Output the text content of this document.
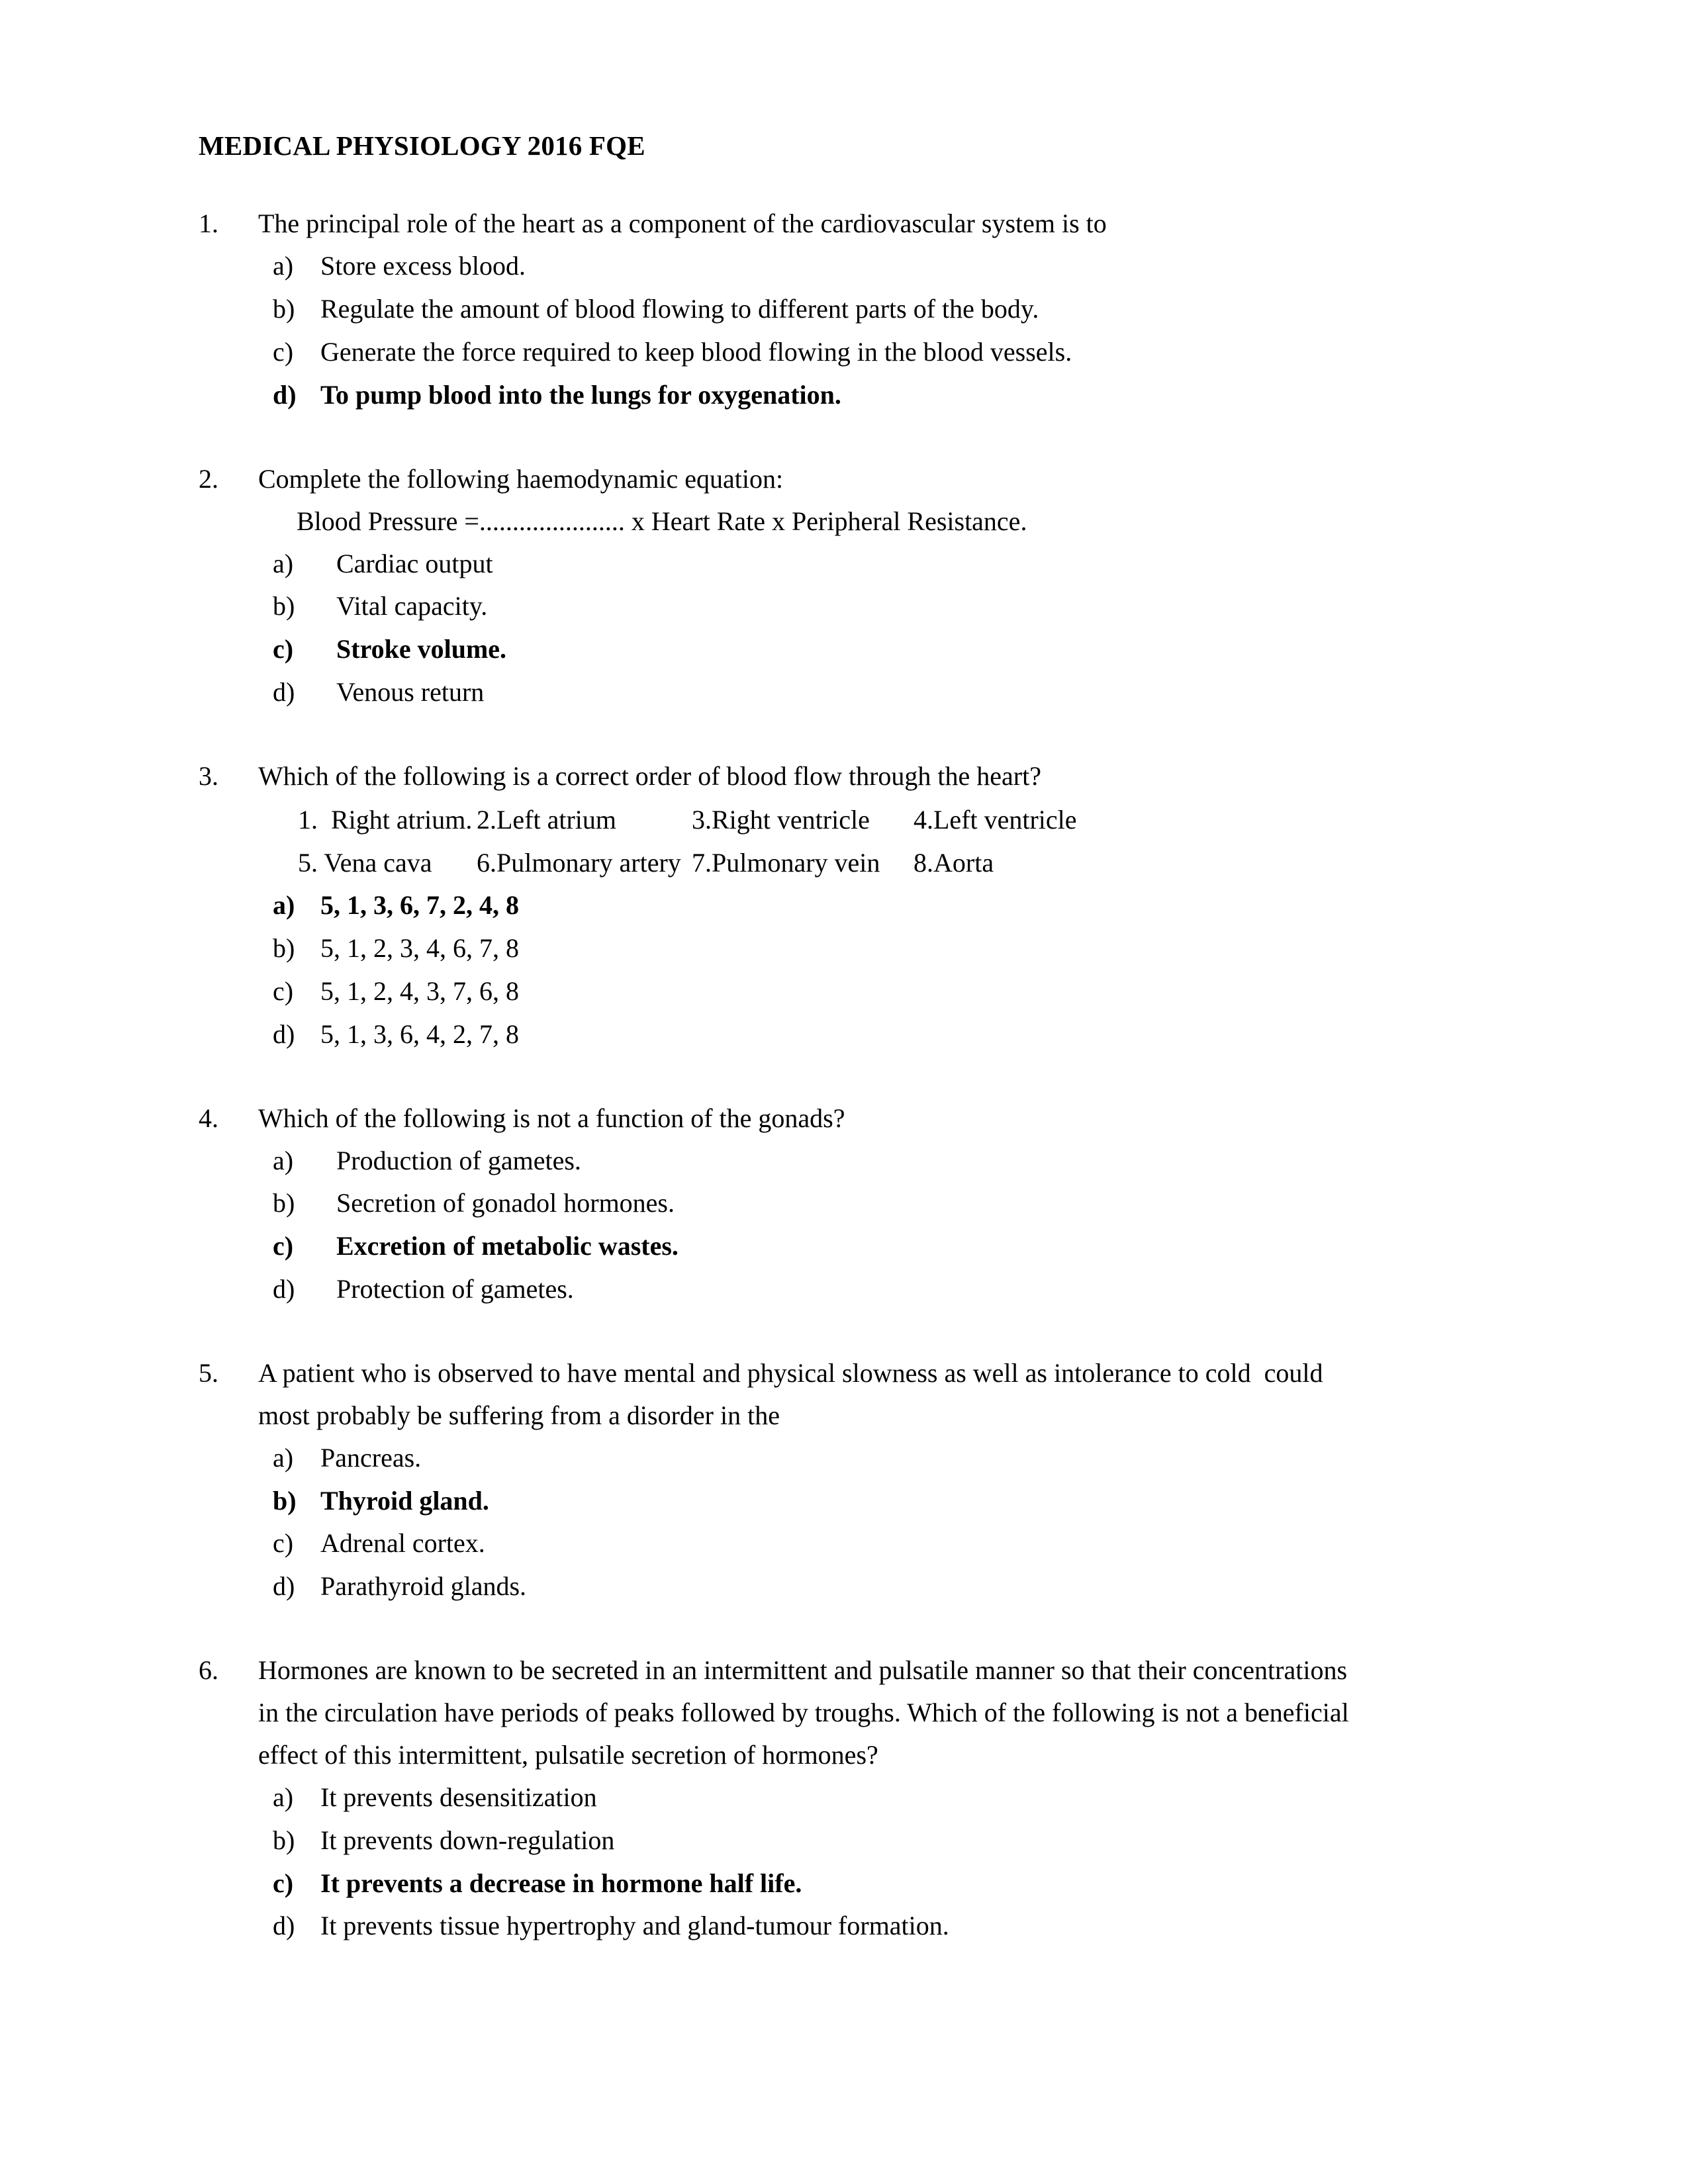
MEDICAL PHYSIOLOGY 2016 FQE
1.	The principal role of the heart as a component of the cardiovascular system is to
a)	Store excess blood.
b) Regulate the amount of blood flowing to different parts of the body.
c)	Generate the force required to keep blood flowing in the blood vessels.
d) To pump blood into the lungs for oxygenation.
2.	Complete the following haemodynamic equation:
Blood Pressure =...................... x Heart Rate x Peripheral Resistance.
a)	Cardiac output
b)	Vital capacity.
c)	Stroke volume.
d)	Venous return
3.	Which of the following is a correct order of blood flow through the heart?
1.  Right atrium. 2.Left atrium	3.Right ventricle	4.Left ventricle
5. Vena cava	6.Pulmonary artery 7.Pulmonary vein	8.Aorta
a) 5, 1, 3, 6, 7, 2, 4, 8
b) 5, 1, 2, 3, 4, 6, 7, 8
c)	5, 1, 2, 4, 3, 7, 6, 8
d) 5, 1, 3, 6, 4, 2, 7, 8
4.	Which of the following is not a function of the gonads?
a)	Production of gametes.
b)	Secretion of gonadol hormones.
c)	Excretion of metabolic wastes.
d)	Protection of gametes.
5.	A patient who is observed to have mental and physical slowness as well as intolerance to cold  could most probably be suffering from a disorder in the
a)	Pancreas.
b) Thyroid gland.
c)	Adrenal cortex.
d) Parathyroid glands.
6.	Hormones are known to be secreted in an intermittent and pulsatile manner so that their concentrations in the circulation have periods of peaks followed by troughs. Which of the following is not a beneficial effect of this intermittent, pulsatile secretion of hormones?
a)	It prevents desensitization
b) It prevents down-regulation
c)	It prevents a decrease in hormone half life.
d) It prevents tissue hypertrophy and gland-tumour formation.
